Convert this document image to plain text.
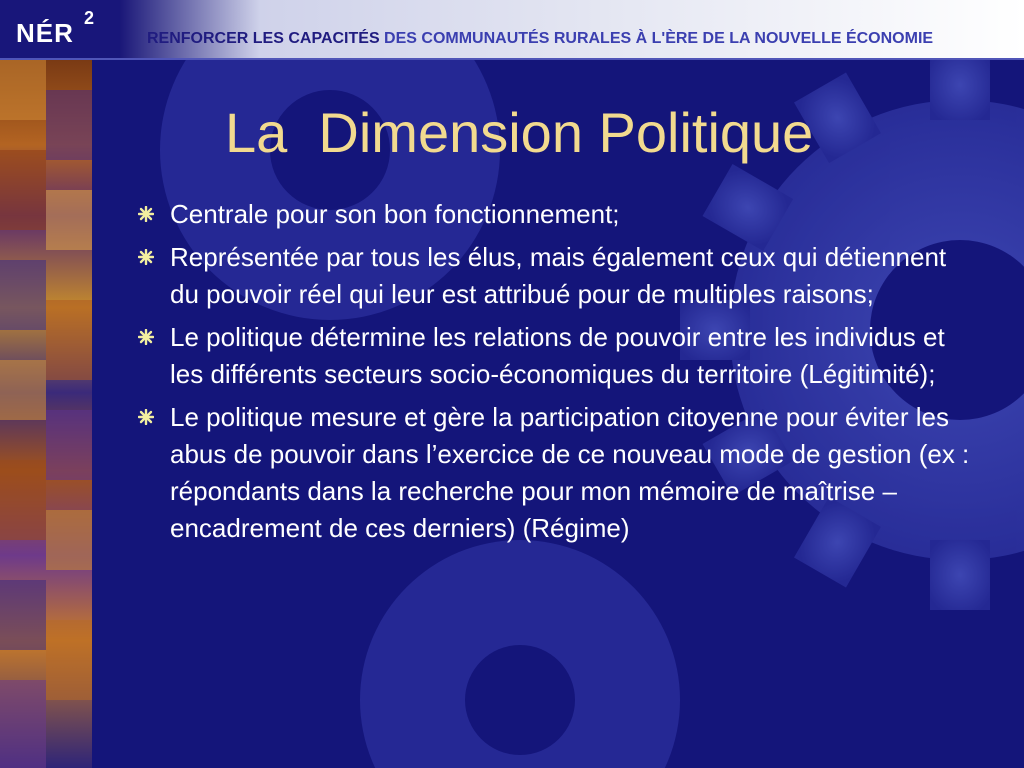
NÉR 2
RENFORCER LES CAPACITÉS DES COMMUNAUTÉS RURALES À L'ÈRE DE LA NOUVELLE ÉCONOMIE
La  Dimension Politique
Centrale pour son bon fonctionnement;
Représentée par tous les élus, mais également ceux qui détiennent du pouvoir réel qui leur est attribué pour de multiples raisons;
Le politique détermine les relations de pouvoir entre les individus et les différents secteurs socio-économiques du territoire (Légitimité);
Le politique mesure et gère la participation citoyenne pour éviter les abus de pouvoir dans l’exercice de ce nouveau mode de gestion (ex : répondants dans la recherche pour mon mémoire de maîtrise – encadrement de ces derniers) (Régime)
